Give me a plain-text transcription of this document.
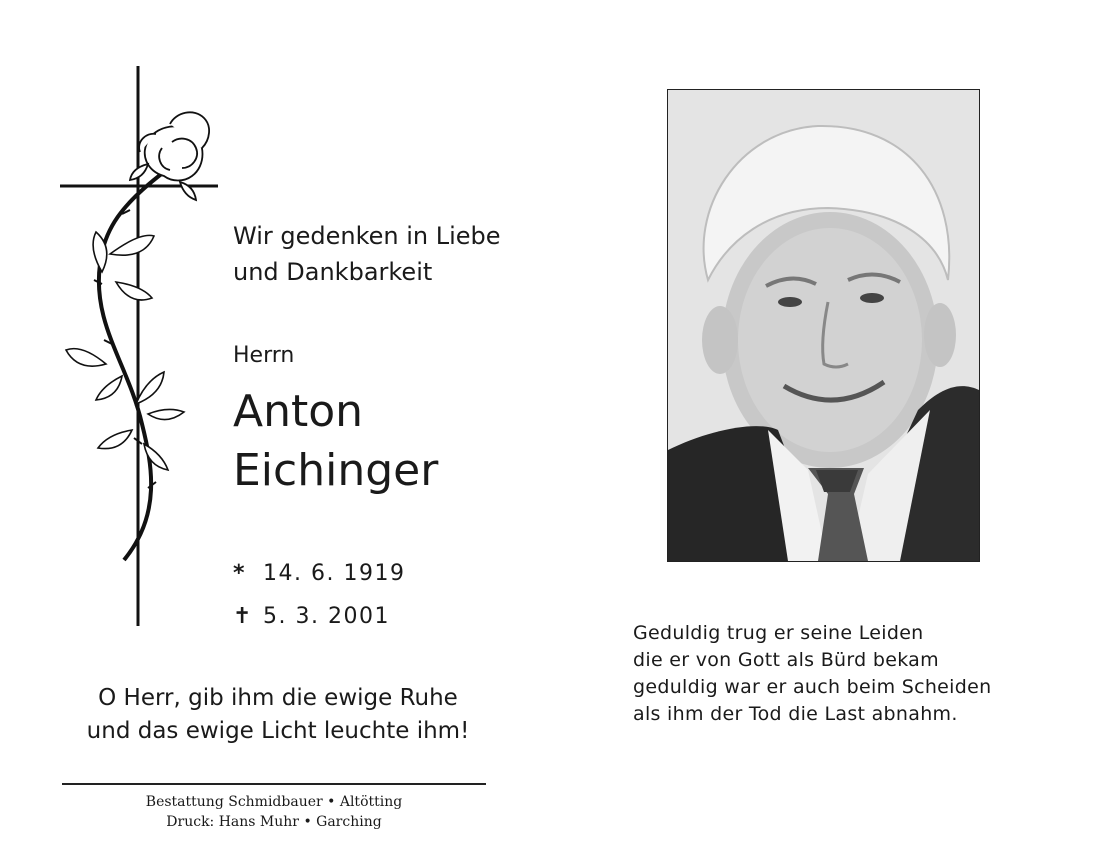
Wir gedenken in Liebe
und Dankbarkeit
Herrn
Anton
Eichinger
* 14. 6. 1919
✝ 5. 3. 2001
O Herr, gib ihm die ewige Ruhe
und das ewige Licht leuchte ihm!
Bestattung Schmidbauer • Altötting
Druck: Hans Muhr • Garching
Geduldig trug er seine Leiden
die er von Gott als Bürd bekam
geduldig war er auch beim Scheiden
als ihm der Tod die Last abnahm.
